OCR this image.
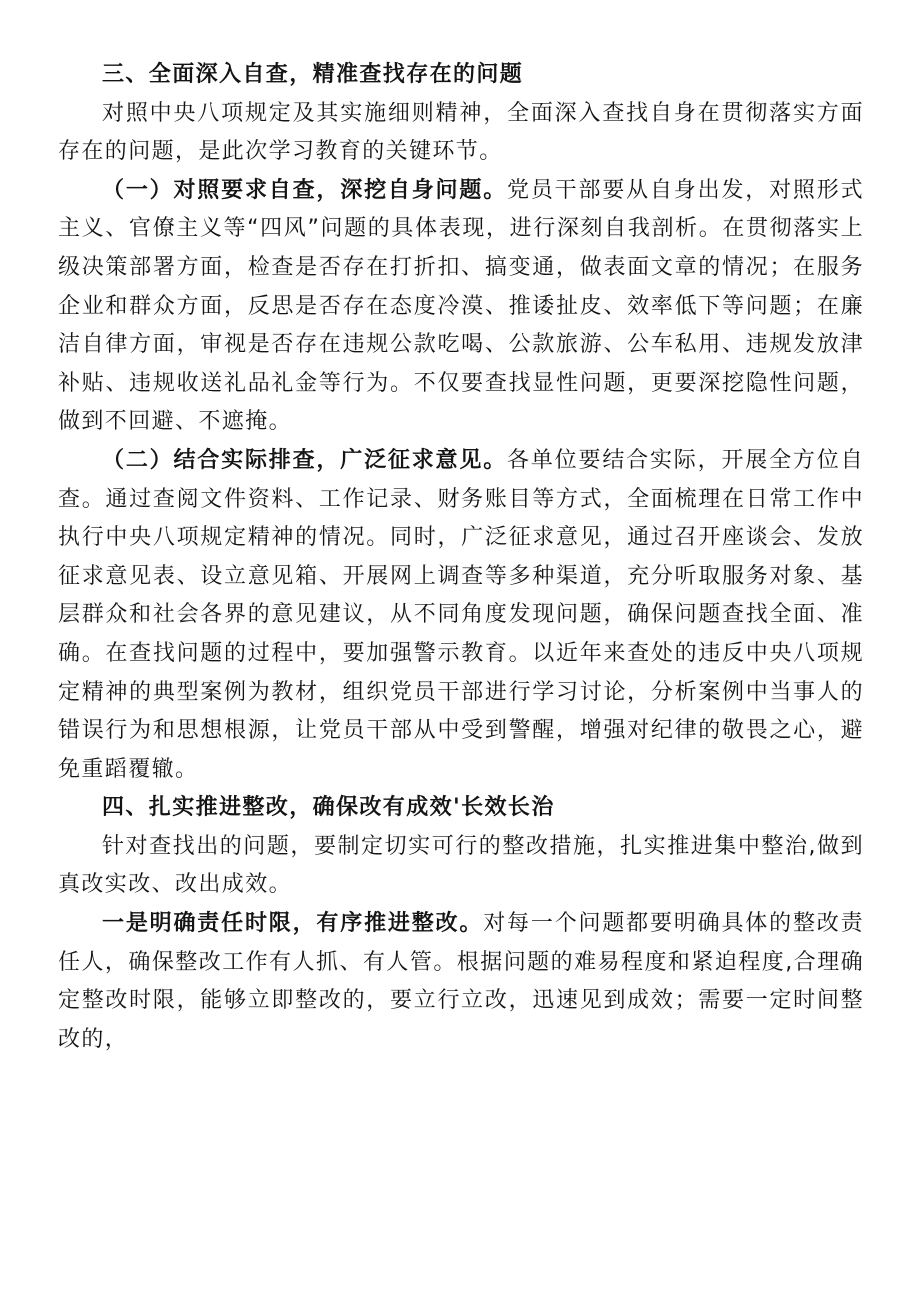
三、全面深入自查，精准查找存在的问题

对照中央八项规定及其实施细则精神，全面深入查找自身在贯彻落实方面存在的问题，是此次学习教育的关键环节。

（一）对照要求自查，深挖自身问题。党员干部要从自身出发，对照形式主义、官僚主义等“四风”问题的具体表现，进行深刻自我剖析。在贯彻落实上级决策部署方面，检查是否存在打折扣、搞变通，做表面文章的情况；在服务企业和群众方面，反思是否存在态度冷漠、推诿扯皮、效率低下等问题；在廉洁自律方面，审视是否存在违规公款吃喝、公款旅游、公车私用、违规发放津补贴、违规收送礼品礼金等行为。不仅要查找显性问题，更要深挖隐性问题，做到不回避、不遮掩。

（二）结合实际排查，广泛征求意见。各单位要结合实际，开展全方位自查。通过查阅文件资料、工作记录、财务账目等方式，全面梳理在日常工作中执行中央八项规定精神的情况。同时，广泛征求意见，通过召开座谈会、发放征求意见表、设立意见箱、开展网上调查等多种渠道，充分听取服务对象、基层群众和社会各界的意见建议，从不同角度发现问题，确保问题查找全面、准确。在查找问题的过程中，要加强警示教育。以近年来查处的违反中央八项规定精神的典型案例为教材，组织党员干部进行学习讨论，分析案例中当事人的错误行为和思想根源，让党员干部从中受到警醒，增强对纪律的敬畏之心，避免重蹈覆辙。

四、扎实推进整改，确保改有成效'长效长治

针对查找出的问题，要制定切实可行的整改措施，扎实推进集中整治,做到真改实改、改出成效。

一是明确责任时限，有序推进整改。对每一个问题都要明确具体的整改责任人，确保整改工作有人抓、有人管。根据问题的难易程度和紧迫程度,合理确定整改时限，能够立即整改的，要立行立改，迅速见到成效；需要一定时间整改的，
